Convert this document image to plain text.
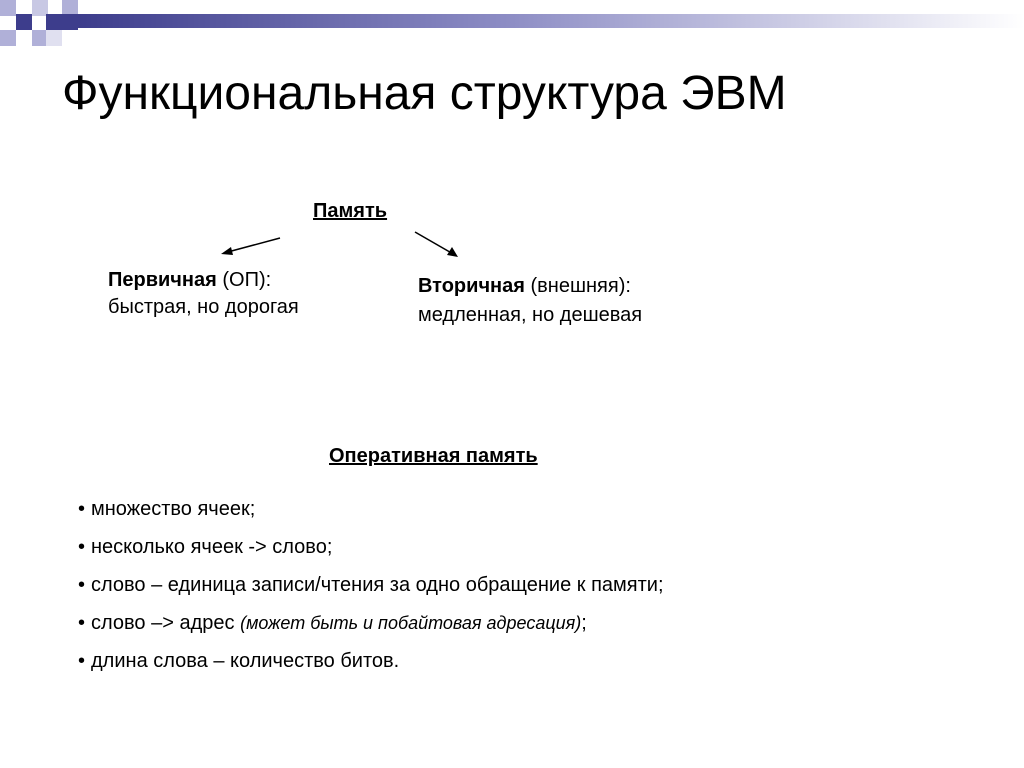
Функциональная структура ЭВМ
Память
Первичная (ОП):
быстрая, но дорогая
Вторичная (внешняя):
медленная, но дешевая
Оперативная память
• множество ячеек;
• несколько ячеек -> слово;
• слово – единица записи/чтения за одно обращение к памяти;
• слово –> адрес (может быть и побайтовая адресация);
• длина слова – количество битов.
